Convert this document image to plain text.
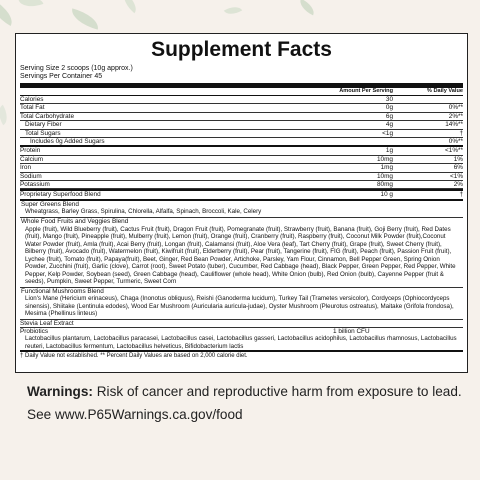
Supplement Facts
Serving Size 2 scoops (10g approx.)
Servings Per Container 45
Amount Per Serving	% Daily Value
Calories	30
Total Fat	0g	0%**
Total Carbohydrate	6g	2%**
Dietary Fiber	4g	14%**
Total Sugars	<1g	†
Includes 0g Added Sugars	0%**
Protein	1g	<1%**
Calcium	10mg	1%
Iron	1mg	6%
Sodium	10mg	<1%
Potassium	80mg	2%
Proprietary Superfood Blend	10 g	†
Super Greens Blend
Wheatgrass, Barley Grass, Spirulina, Chlorella, Alfalfa, Spinach, Broccoli, Kale, Celery
Whole Food Fruits and Veggies Blend
Apple (fruit), Wild Blueberry (fruit), Cactus Fruit (fruit), Dragon Fruit (fruit), Pomegranate (fruit), Strawberry (fruit), Banana (fruit), Goji Berry (fruit), Red Dates (fruit), Mango (fruit), Pineapple (fruit), Mulberry (fruit), Lemon (fruit), Orange (fruit), Cranberry (fruit), Raspberry (fruit), Coconut Milk Powder (fruit),Coconut Water Powder (fruit), Amla (fruit), Acai Berry (fruit), Longan (fruit), Calamansi (fruit), Aloe Vera (leaf), Tart Cherry (fruit), Grape (fruit), Sweet Cherry (fruit), Bilberry (fruit), Avocado (fruit), Watermelon (fruit), Kiwifruit (fruit), Elderberry (fruit), Pear (fruit), Tangerine (fruit), FIG (fruit), Peach (fruit), Passion Fruit (fruit), Lychee (fruit), Tomato (fruit), Papaya(fruit), Beet, Ginger, Red Bean Powder, Artichoke, Parsley, Yam Flour, Cinnamon, Bell Pepper Green, Spring Onion Powder, Zucchini (fruit), Garlic (clove), Carrot (root), Sweet Potato (tuber), Cucumber, Red Cabbage (head), Black Pepper, Green Pepper, Red Pepper, White Pepper, Kelp Powder, Soybean (seed), Green Cabbage (head), Cauliflower (whole head), White Onion (bulb), Red Onion (bulb), Cayenne Pepper (fruit & seeds), Pumpkin, Sweet Pepper, Turmeric, Sweet Corn
Functional Mushrooms Blend
Lion's Mane (Hericium erinaceus), Chaga (Inonotus obliquus), Reishi (Ganoderma lucidum), Turkey Tail (Trametes versicolor), Cordyceps (Ophiocordyceps sinensis), Shiitake (Lentinula edodes), Wood Ear Mushroom (Auricularia auricula-judae), Oyster Mushroom (Pleurotus ostreatus), Maitake (Grifola frondosa), Mesima (Phellinus linteus)
Stevia Leaf Extract
Probiotics	1 billion CFU
Lactobacillus plantarum, Lactobacillus paracasei, Lactobacillus casei, Lactobacillus gasseri, Lactobacillus acidophilus, Lactobacillus rhamnosus, Lactobacillus reuteri, Lactobacillus fermentum, Lactobacillus helveticus, Bifidobacterium lactis
† Daily Value not established. ** Percent Daily Values are based on 2,000 calorie diet.
Warnings: Risk of cancer and reproductive harm from exposure to lead.
See www.P65Warnings.ca.gov/food
